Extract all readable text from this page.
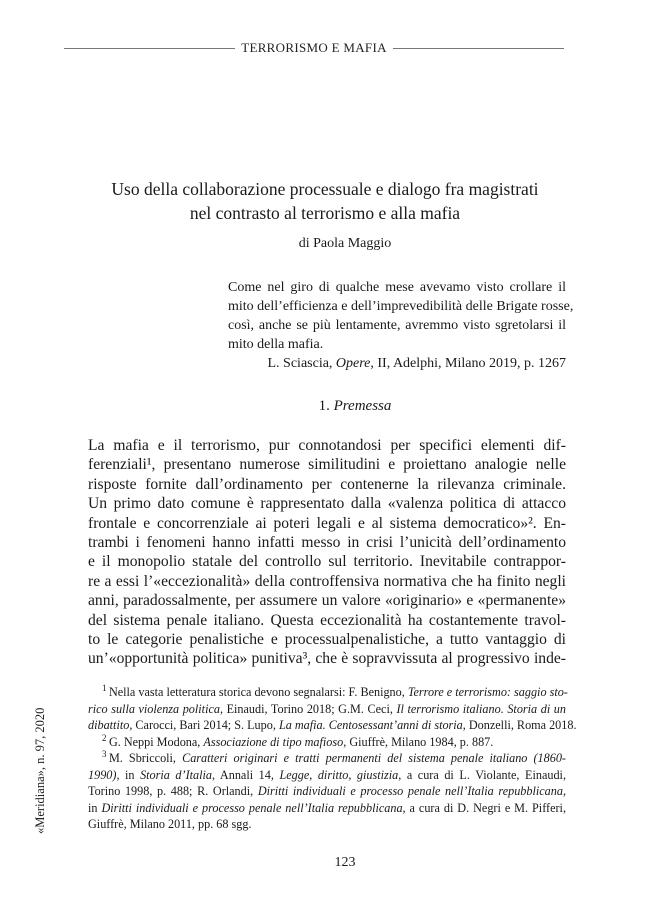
TERRORISMO E MAFIA
Uso della collaborazione processuale e dialogo fra magistrati
nel contrasto al terrorismo e alla mafia
di Paola Maggio
Come nel giro di qualche mese avevamo visto crollare il
mito dell’efficienza e dell’imprevedibilità delle Brigate rosse,
così, anche se più lentamente, avremmo visto sgretolarsi il
mito della mafia.
L. Sciascia, Opere, II, Adelphi, Milano 2019, p. 1267
1. Premessa
La mafia e il terrorismo, pur connotandosi per specifici elementi dif-
ferenziali¹, presentano numerose similitudini e proiettano analogie nelle
risposte fornite dall’ordinamento per contenerne la rilevanza criminale.
Un primo dato comune è rappresentato dalla «valenza politica di attacco
frontale e concorrenziale ai poteri legali e al sistema democratico»². En-
trambi i fenomeni hanno infatti messo in crisi l’unicità dell’ordinamento
e il monopolio statale del controllo sul territorio. Inevitabile contrappor-
re a essi l’«eccezionalità» della controffensiva normativa che ha finito negli
anni, paradossalmente, per assumere un valore «originario» e «permanente»
del sistema penale italiano. Questa eccezionalità ha costantemente travol-
to le categorie penalistiche e processualpenalistiche, a tutto vantaggio di
un’«opportunità politica» punitiva³, che è sopravvissuta al progressivo inde-
«Meridiana», n. 97, 2020
$^1$  Nella vasta letteratura storica devono segnalarsi: F. Benigno, Terrore e terrorismo: saggio sto-
rico sulla violenza politica, Einaudi, Torino 2018; G.M. Ceci, Il terrorismo italiano. Storia di un
dibattito, Carocci, Bari 2014; S. Lupo, La mafia. Centosessant’anni di storia, Donzelli, Roma 2018.
$^2$  G. Neppi Modona, Associazione di tipo mafioso, Giuffrè, Milano 1984, p. 887.
$^3$  M. Sbriccoli, Caratteri originari e tratti permanenti del sistema penale italiano (1860-
1990), in Storia d’Italia, Annali 14, Legge, diritto, giustizia, a cura di L. Violante, Einaudi,
Torino 1998, p. 488; R. Orlandi, Diritti individuali e processo penale nell’Italia repubblicana,
in Diritti individuali e processo penale nell’Italia repubblicana, a cura di D. Negri e M. Pifferi,
Giuffrè, Milano 2011, pp. 68 sgg.
123
